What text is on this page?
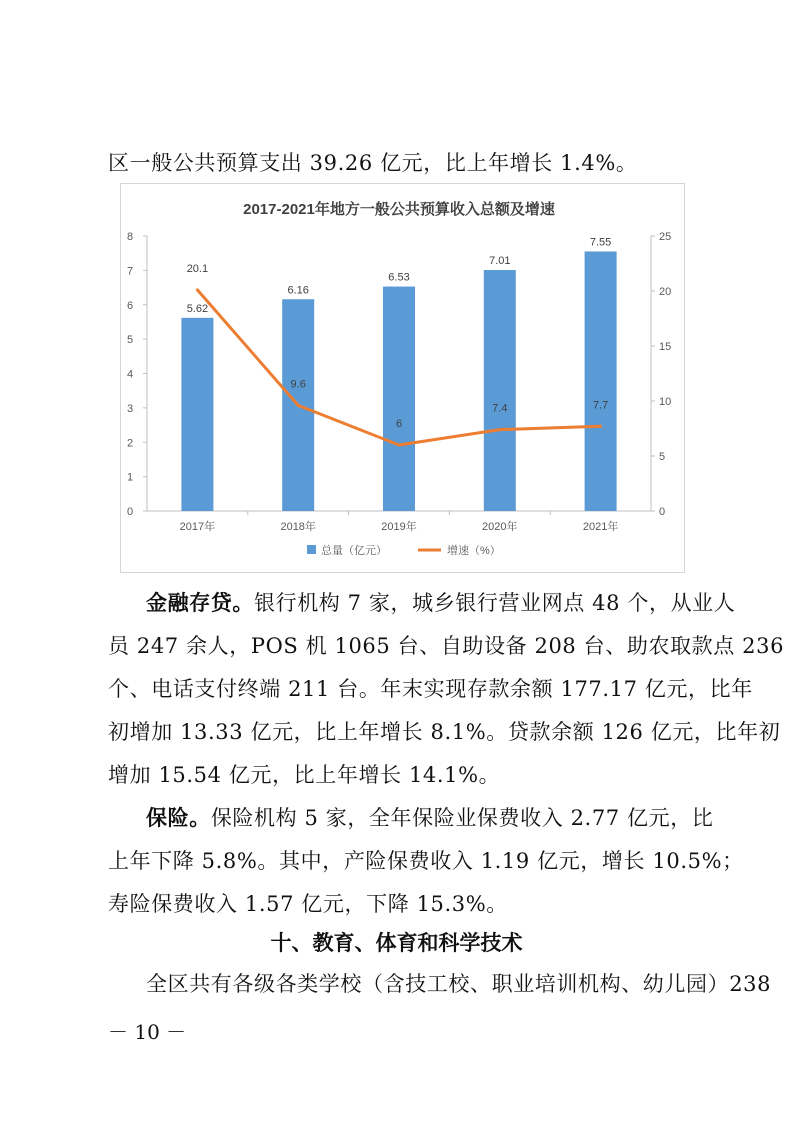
区一般公共预算支出 39.26 亿元，比上年增长 1.4%。
2017-2021年地方一般公共预算收入总额及增速
0
1
2
3
4
5
6
7
8
0
5
10
15
20
25
5.62
2017年
6.16
2018年
6.53
2019年
7.01
2020年
7.55
2021年
20.1
9.6
6
7.4	7.7
总量（亿元）	增速（%）
金融存贷。银行机构 7 家，城乡银行营业网点 48 个，从业人
员 247 余人，POS 机 1065 台、自助设备 208 台、助农取款点 236
个、电话支付终端 211 台。年末实现存款余额 177.17 亿元，比年
初增加 13.33 亿元，比上年增长 8.1%。贷款余额 126 亿元，比年初
增加 15.54 亿元，比上年增长 14.1%。
保险。保险机构 5 家，全年保险业保费收入 2.77 亿元，比
上年下降 5.8%。其中，产险保费收入 1.19 亿元，增长 10.5%；
寿险保费收入 1.57 亿元，下降 15.3%。
十、教育、体育和科学技术
全区共有各级各类学校（含技工校、职业培训机构、幼儿园）238
－ 10 －
